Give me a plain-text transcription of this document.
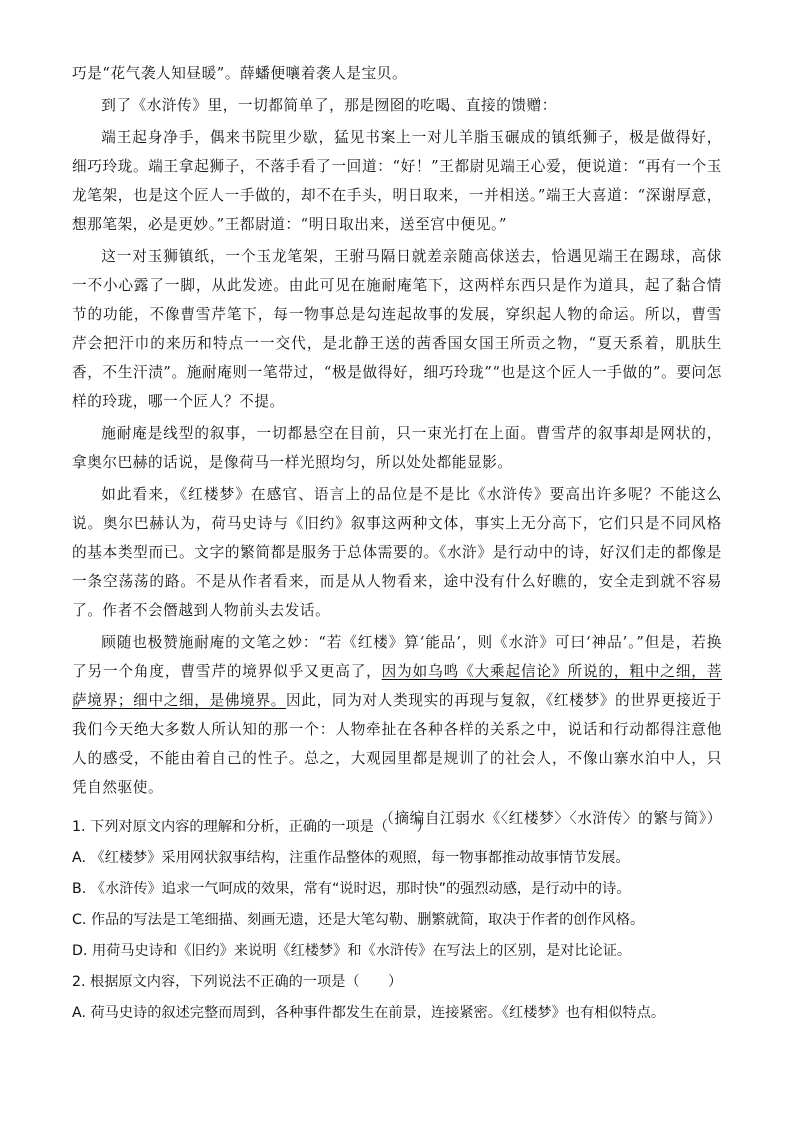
巧是“花气袭人知昼暖”。薛蟠便嚷着袭人是宝贝。

到了《水浒传》里，一切都简单了，那是囫囵的吃喝、直接的馈赠：

端王起身净手，偶来书院里少歇，猛见书案上一对儿羊脂玉碾成的镇纸狮子，极是做得好，细巧玲珑。端王拿起狮子，不落手看了一回道：“好！”王都尉见端王心爱，便说道：“再有一个玉龙笔架，也是这个匠人一手做的，却不在手头，明日取来，一并相送。”端王大喜道：“深谢厚意，想那笔架，必是更妙。”王都尉道：“明日取出来，送至宫中便见。”

这一对玉狮镇纸，一个玉龙笔架，王驸马隔日就差亲随高俅送去，恰遇见端王在踢球，高俅一不小心露了一脚，从此发迹。由此可见在施耐庵笔下，这两样东西只是作为道具，起了黏合情节的功能，不像曹雪芹笔下，每一物事总是勾连起故事的发展，穿织起人物的命运。所以，曹雪芹会把汗巾的来历和特点一一交代，是北静王送的茜香国女国王所贡之物，“夏天系着，肌肤生香，不生汗渍”。施耐庵则一笔带过，“极是做得好，细巧玲珑”“也是这个匠人一手做的”。要问怎样的玲珑，哪一个匠人？不提。

施耐庵是线型的叙事，一切都悬空在目前，只一束光打在上面。曹雪芹的叙事却是网状的，拿奥尔巴赫的话说，是像荷马一样光照均匀，所以处处都能显影。

如此看来，《红楼梦》在感官、语言上的品位是不是比《水浒传》要高出许多呢？不能这么说。奥尔巴赫认为，荷马史诗与《旧约》叙事这两种文体，事实上无分高下，它们只是不同风格的基本类型而已。文字的繁简都是服务于总体需要的。《水浒》是行动中的诗，好汉们走的都像是一条空荡荡的路。不是从作者看来，而是从人物看来，途中没有什么好瞧的，安全走到就不容易了。作者不会僭越到人物前头去发话。

顾随也极赞施耐庵的文笔之妙：“若《红楼》算‘能品’，则《水浒》可曰‘神品’。”但是，若换了另一个角度，曹雪芹的境界似乎又更高了，因为如乌鸣《大乘起信论》所说的，粗中之细，菩萨境界；细中之细，是佛境界。因此，同为对人类现实的再现与复叙，《红楼梦》的世界更接近于我们今天绝大多数人所认知的那一个：人物牵扯在各种各样的关系之中，说话和行动都得注意他人的感受，不能由着自己的性子。总之，大观园里都是规训了的社会人，不像山寨水泊中人，只凭自然驱使。

（摘编自江弱水《〈红楼梦〉〈水浒传〉的繁与简》）

1. 下列对原文内容的理解和分析，正确的一项是（　　）

A. 《红楼梦》采用网状叙事结构，注重作品整体的观照，每一物事都推动故事情节发展。

B. 《水浒传》追求一气呵成的效果，常有“说时迟，那时快”的强烈动感，是行动中的诗。

C. 作品的写法是工笔细描、刻画无遗，还是大笔勾勒、删繁就简，取决于作者的创作风格。

D. 用荷马史诗和《旧约》来说明《红楼梦》和《水浒传》在写法上的区别，是对比论证。

2. 根据原文内容，下列说法不正确的一项是（　　）

A. 荷马史诗的叙述完整而周到，各种事件都发生在前景，连接紧密。《红楼梦》也有相似特点。
